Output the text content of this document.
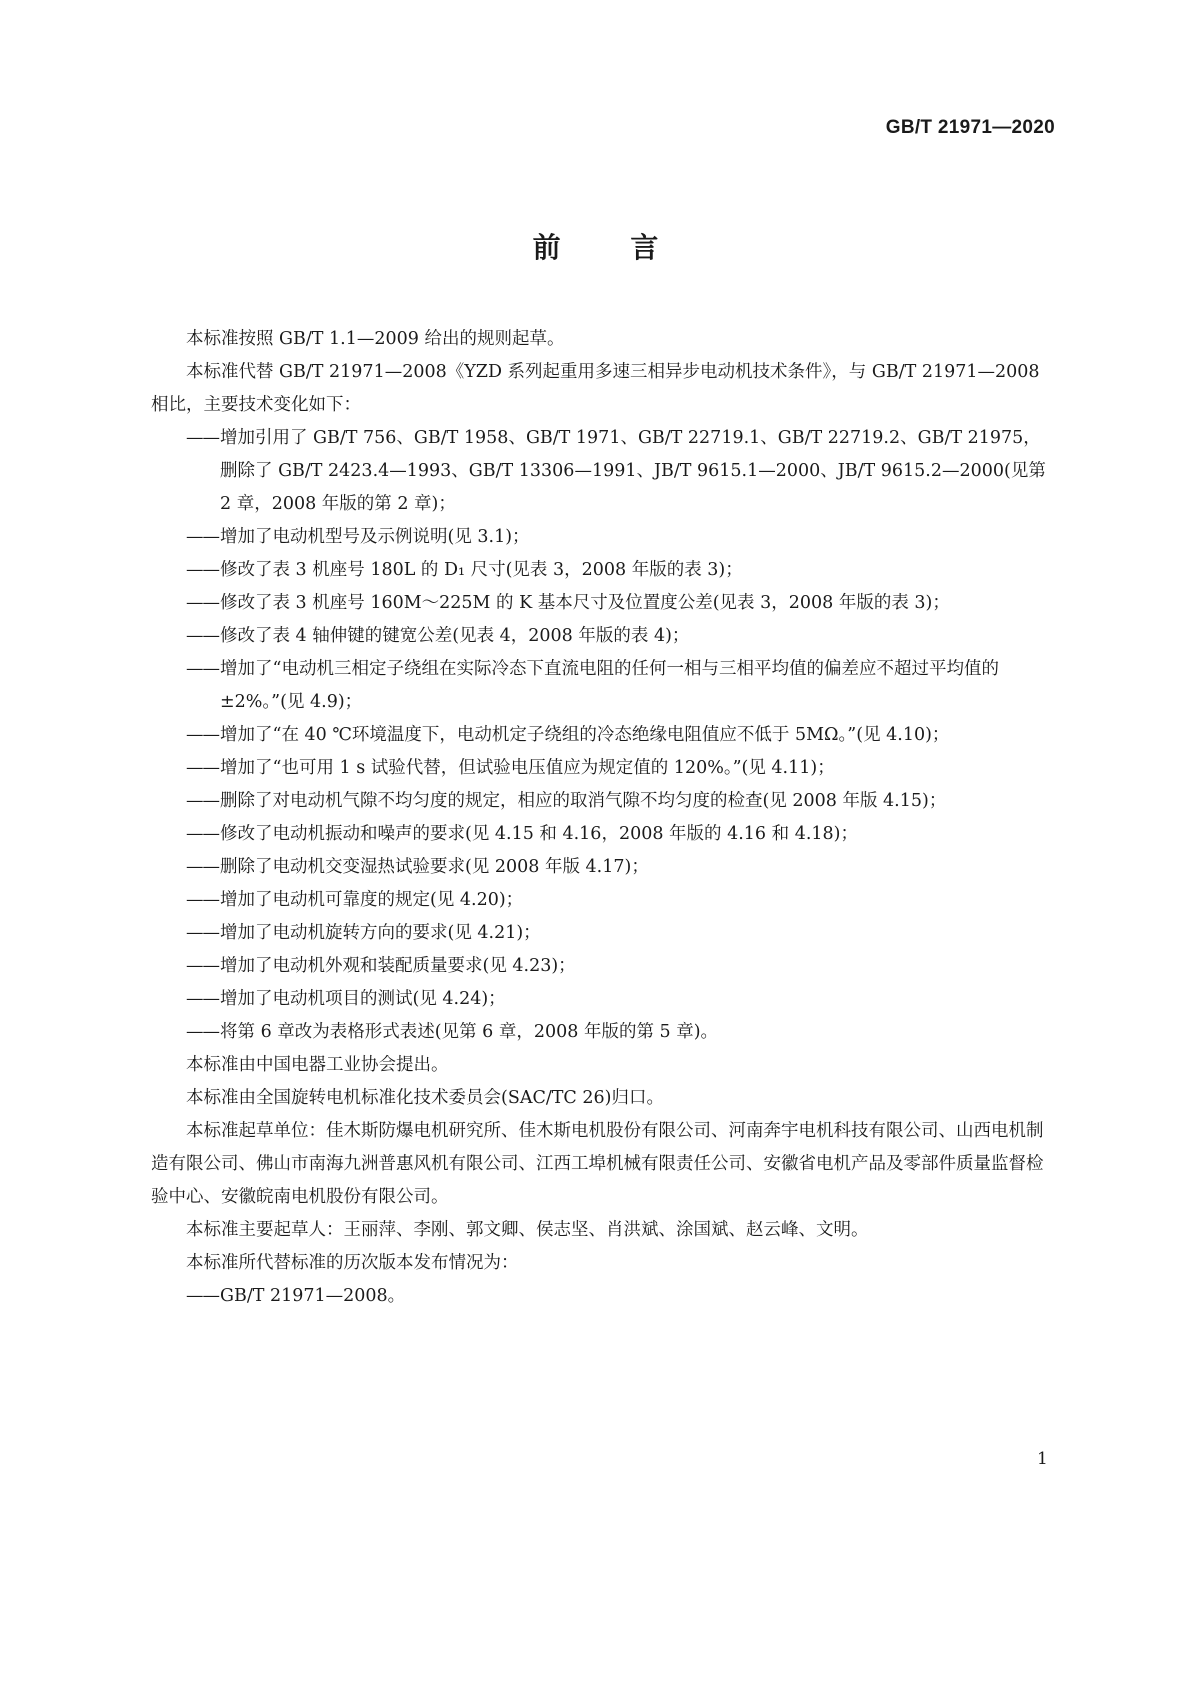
GB/T 21971—2020
前 言

本标准按照 GB/T 1.1—2009 给出的规则起草。

本标准代替 GB/T 21971—2008《YZD 系列起重用多速三相异步电动机技术条件》，与 GB/T 21971—2008 相比，主要技术变化如下：

——增加引用了 GB/T 756、GB/T 1958、GB/T 1971、GB/T 22719.1、GB/T 22719.2、GB/T 21975，删除了 GB/T 2423.4—1993、GB/T 13306—1991、JB/T 9615.1—2000、JB/T 9615.2—2000(见第 2 章，2008 年版的第 2 章)；

——增加了电动机型号及示例说明(见 3.1)；

——修改了表 3 机座号 180L 的 D₁ 尺寸(见表 3，2008 年版的表 3)；

——修改了表 3 机座号 160M～225M 的 K 基本尺寸及位置度公差(见表 3，2008 年版的表 3)；

——修改了表 4 轴伸键的键宽公差(见表 4，2008 年版的表 4)；

——增加了“电动机三相定子绕组在实际冷态下直流电阻的任何一相与三相平均值的偏差应不超过平均值的±2%。”(见 4.9)；

——增加了“在 40 ℃环境温度下，电动机定子绕组的冷态绝缘电阻值应不低于 5MΩ。”(见 4.10)；

——增加了“也可用 1 s 试验代替，但试验电压值应为规定值的 120%。”(见 4.11)；

——删除了对电动机气隙不均匀度的规定，相应的取消气隙不均匀度的检查(见 2008 年版 4.15)；

——修改了电动机振动和噪声的要求(见 4.15 和 4.16，2008 年版的 4.16 和 4.18)；

——删除了电动机交变湿热试验要求(见 2008 年版 4.17)；

——增加了电动机可靠度的规定(见 4.20)；

——增加了电动机旋转方向的要求(见 4.21)；

——增加了电动机外观和装配质量要求(见 4.23)；

——增加了电动机项目的测试(见 4.24)；

——将第 6 章改为表格形式表述(见第 6 章，2008 年版的第 5 章)。

本标准由中国电器工业协会提出。

本标准由全国旋转电机标准化技术委员会(SAC/TC 26)归口。

本标准起草单位：佳木斯防爆电机研究所、佳木斯电机股份有限公司、河南奔宇电机科技有限公司、山西电机制造有限公司、佛山市南海九洲普惠风机有限公司、江西工埠机械有限责任公司、安徽省电机产品及零部件质量监督检验中心、安徽皖南电机股份有限公司。

本标准主要起草人：王丽萍、李刚、郭文卿、侯志坚、肖洪斌、涂国斌、赵云峰、文明。

本标准所代替标准的历次版本发布情况为：

——GB/T 21971—2008。

1
